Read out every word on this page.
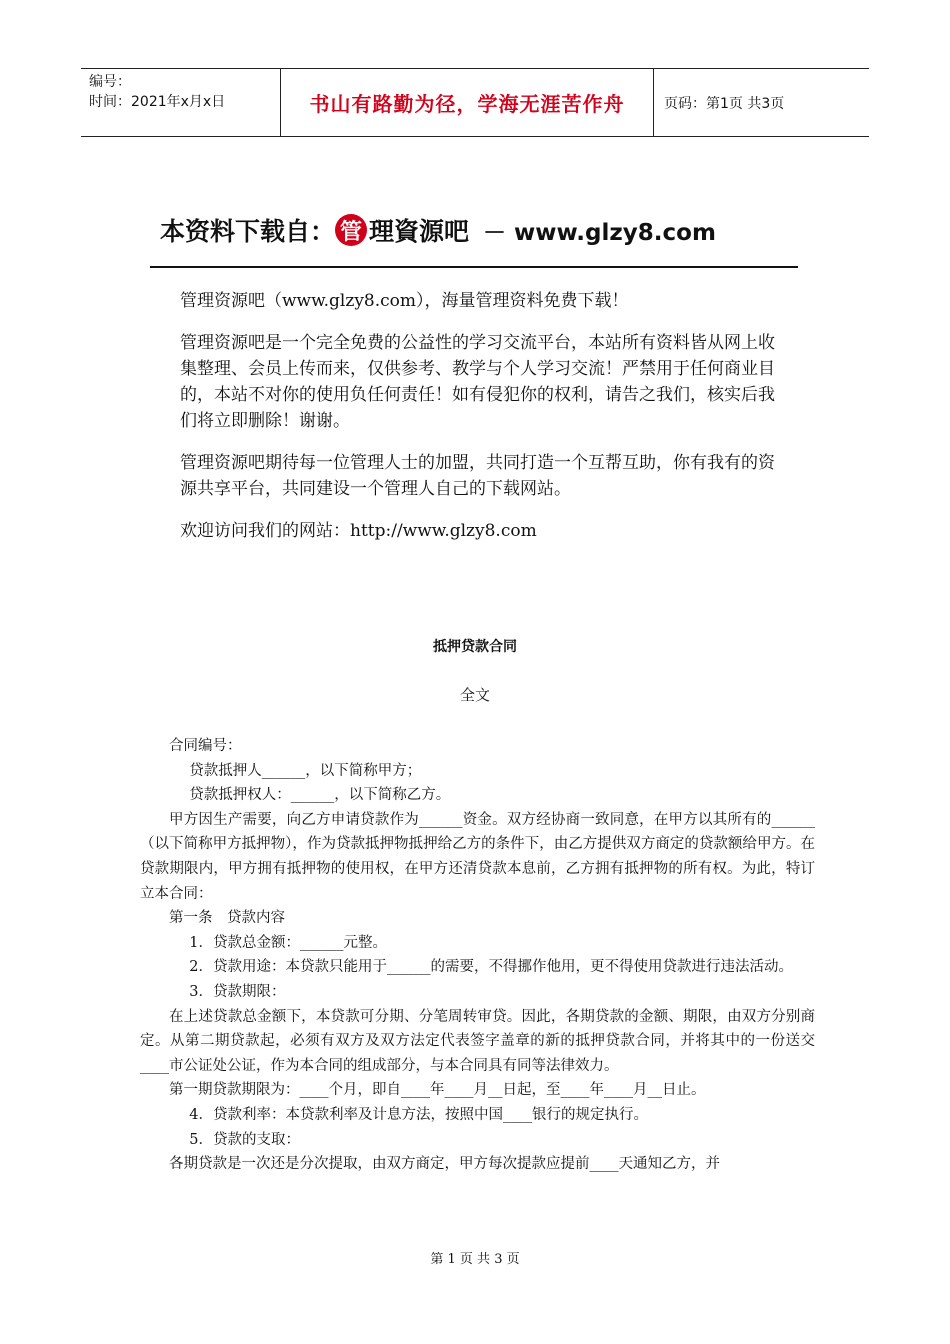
编号：
时间：2021年x月x日	书山有路勤为径，学海无涯苦作舟	页码：第1页 共3页
本资料下载自： 管 理資源吧 － www.glzy8.com

管理资源吧（www.glzy8.com），海量管理资料免费下载！

管理资源吧是一个完全免费的公益性的学习交流平台，本站所有资料皆从网上收集整理、会员上传而来，仅供参考、教学与个人学习交流！严禁用于任何商业目的，本站不对你的使用负任何责任！如有侵犯你的权利，请告之我们，核实后我们将立即删除！谢谢。

管理资源吧期待每一位管理人士的加盟，共同打造一个互帮互助，你有我有的资源共享平台，共同建设一个管理人自己的下载网站。

欢迎访问我们的网站：http://www.glzy8.com

抵押贷款合同
全文

合同编号：

贷款抵押人______，以下简称甲方；

贷款抵押权人：______，以下简称乙方。

甲方因生产需要，向乙方申请贷款作为______资金。双方经协商一致同意，在甲方以其所有的______（以下简称甲方抵押物），作为贷款抵押物抵押给乙方的条件下，由乙方提供双方商定的贷款额给甲方。在贷款期限内，甲方拥有抵押物的使用权，在甲方还清贷款本息前，乙方拥有抵押物的所有权。为此，特订立本合同：

第一条　贷款内容

1．贷款总金额：______元整。

2．贷款用途：本贷款只能用于______的需要，不得挪作他用，更不得使用贷款进行违法活动。

3．贷款期限：

在上述贷款总金额下，本贷款可分期、分笔周转审贷。因此，各期贷款的金额、期限，由双方分别商定。从第二期贷款起，必须有双方及双方法定代表签字盖章的新的抵押贷款合同，并将其中的一份送交____市公证处公证，作为本合同的组成部分，与本合同具有同等法律效力。

第一期贷款期限为：____个月，即自____年____月__日起，至____年____月__日止。

4．贷款利率：本贷款利率及计息方法，按照中国____银行的规定执行。

5．贷款的支取：

各期贷款是一次还是分次提取，由双方商定，甲方每次提款应提前____天通知乙方，并

第 1 页 共 3 页
